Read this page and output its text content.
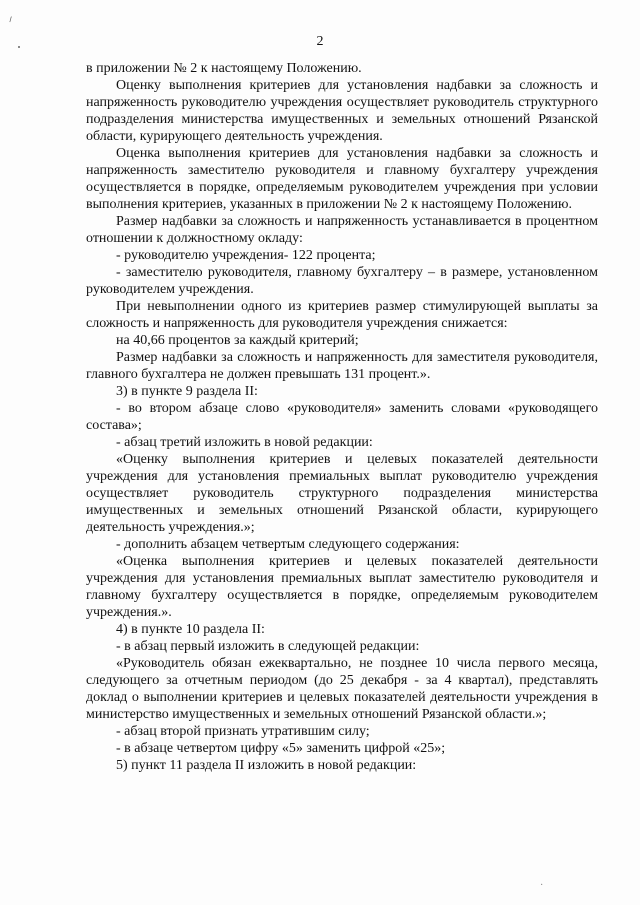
⸝
2

в приложении № 2 к настоящему Положению.

Оценку выполнения критериев для установления надбавки за сложность и напряженность руководителю учреждения осуществляет руководитель структурного подразделения министерства имущественных и земельных отношений Рязанской области, курирующего деятельность учреждения.

Оценка выполнения критериев для установления надбавки за сложность и напряженность заместителю руководителя и главному бухгалтеру учреждения осуществляется в порядке, определяемым руководителем учреждения при условии выполнения критериев, указанных в приложении № 2 к настоящему Положению.

Размер надбавки за сложность и напряженность устанавливается в процентном отношении к должностному окладу:

- руководителю учреждения- 122 процента;

- заместителю руководителя, главному бухгалтеру – в размере, установленном руководителем учреждения.

При невыполнении одного из критериев размер стимулирующей выплаты за сложность и напряженность для руководителя учреждения снижается:

на 40,66 процентов за каждый критерий;

Размер надбавки за сложность и напряженность для заместителя руководителя, главного бухгалтера не должен превышать 131 процент.».

3) в пункте 9 раздела II:

- во втором абзаце слово «руководителя» заменить словами «руководящего состава»;

- абзац третий изложить в новой редакции:

«Оценку выполнения критериев и целевых показателей деятельности учреждения для установления премиальных выплат руководителю учреждения осуществляет руководитель структурного подразделения министерства имущественных и земельных отношений Рязанской области, курирующего деятельность учреждения.»;

- дополнить абзацем четвертым следующего содержания:

«Оценка выполнения критериев и целевых показателей деятельности учреждения для установления премиальных выплат заместителю руководителя и главному бухгалтеру осуществляется в порядке, определяемым руководителем учреждения.».

4) в пункте 10 раздела II:

- в абзац первый изложить в следующей редакции:

«Руководитель обязан ежеквартально, не позднее 10 числа первого месяца, следующего за отчетным периодом (до 25 декабря - за 4 квартал), представлять доклад о выполнении критериев и целевых показателей деятельности учреждения в министерство имущественных и земельных отношений Рязанской области.»;

- абзац второй признать утратившим силу;

- в абзаце четвертом цифру «5» заменить цифрой «25»;

5) пункт 11 раздела II изложить в новой редакции:

·
